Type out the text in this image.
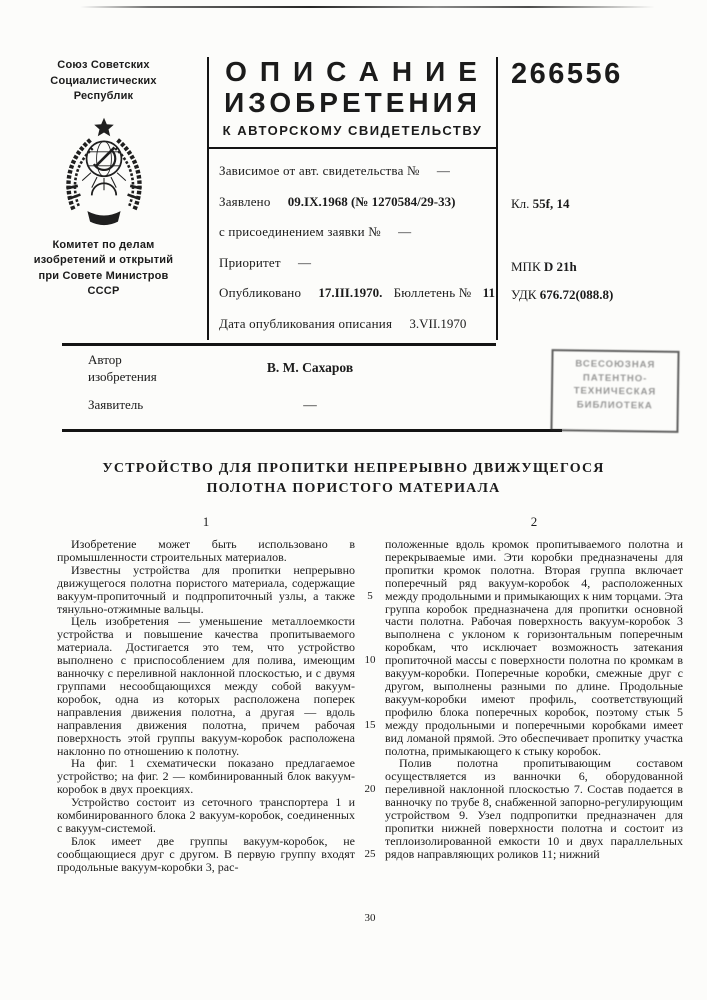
Союз Советских
Социалистических
Республик
Комитет по делам
изобретений и открытий
при Совете Министров
СССР
ОПИСАНИЕ
ИЗОБРЕТЕНИЯ
К АВТОРСКОМУ СВИДЕТЕЛЬСТВУ
Зависимое от авт. свидетельства № —
Заявлено 09.IX.1968 (№ 1270584/29-33)
с присоединением заявки № —
Приоритет —
Опубликовано 17.III.1970. Бюллетень № 11
Дата опубликования описания 3.VII.1970
266556
Кл. 55f, 14
МПК D 21h
УДК 676.72(088.8)
Автор
изобретения
В. М. Сахаров
Заявитель	—
ВСЕСОЮЗНАЯ
ПАТЕНТНО-
ТЕХНИЧЕСКАЯ
БИБЛИОТЕКА
УСТРОЙСТВО ДЛЯ ПРОПИТКИ НЕПРЕРЫВНО ДВИЖУЩЕГОСЯ
ПОЛОТНА ПОРИСТОГО МАТЕРИАЛА
1

Изобретение может быть использовано в промышленности строительных материалов.

Известны устройства для пропитки непрерывно движущегося полотна пористого материала, содержащие вакуум-пропиточный и подпропиточный узлы, а также тянульно-отжимные вальцы.

Цель изобретения — уменьшение металлоемкости устройства и повышение качества пропитываемого материала. Достигается это тем, что устройство выполнено с приспособлением для полива, имеющим ванночку с переливной наклонной плоскостью, и с двумя группами несообщающихся между собой вакуум-коробок, одна из которых расположена поперек направления движения полотна, а другая — вдоль направления движения полотна, причем рабочая поверхность этой группы вакуум-коробок расположена наклонно по отношению к полотну.

На фиг. 1 схематически показано предлагаемое устройство; на фиг. 2 — комбинированный блок вакуум-коробок в двух проекциях.

Устройство состоит из сеточного транспортера 1 и комбинированного блока 2 вакуум-коробок, соединенных с вакуум-системой.

Блок имеет две группы вакуум-коробок, не сообщающиеся друг с другом. В первую группу входят продольные вакуум-коробки 3, рас-

5
10
15
20
25
30
2

положенные вдоль кромок пропитываемого полотна и перекрываемые ими. Эти коробки предназначены для пропитки кромок полотна. Вторая группа включает поперечный ряд вакуум-коробок 4, расположенных между продольными и примыкающих к ним торцами. Эта группа коробок предназначена для пропитки основной части полотна. Рабочая поверхность вакуум-коробок 3 выполнена с уклоном к горизонтальным поперечным коробкам, что исключает возможность затекания пропиточной массы с поверхности полотна по кромкам в вакуум-коробки. Поперечные коробки, смежные друг с другом, выполнены разными по длине. Продольные вакуум-коробки имеют профиль, соответствующий профилю блока поперечных коробок, поэтому стык 5 между продольными и поперечными коробками имеет вид ломаной прямой. Это обеспечивает пропитку участка полотна, примыкающего к стыку коробок.

Полив полотна пропитывающим составом осуществляется из ванночки 6, оборудованной переливной наклонной плоскостью 7. Состав подается в ванночку по трубе 8, снабженной запорно-регулирующим устройством 9. Узел подпропитки предназначен для пропитки нижней поверхности полотна и состоит из теплоизолированной емкости 10 и двух параллельных рядов направляющих роликов 11; нижний
